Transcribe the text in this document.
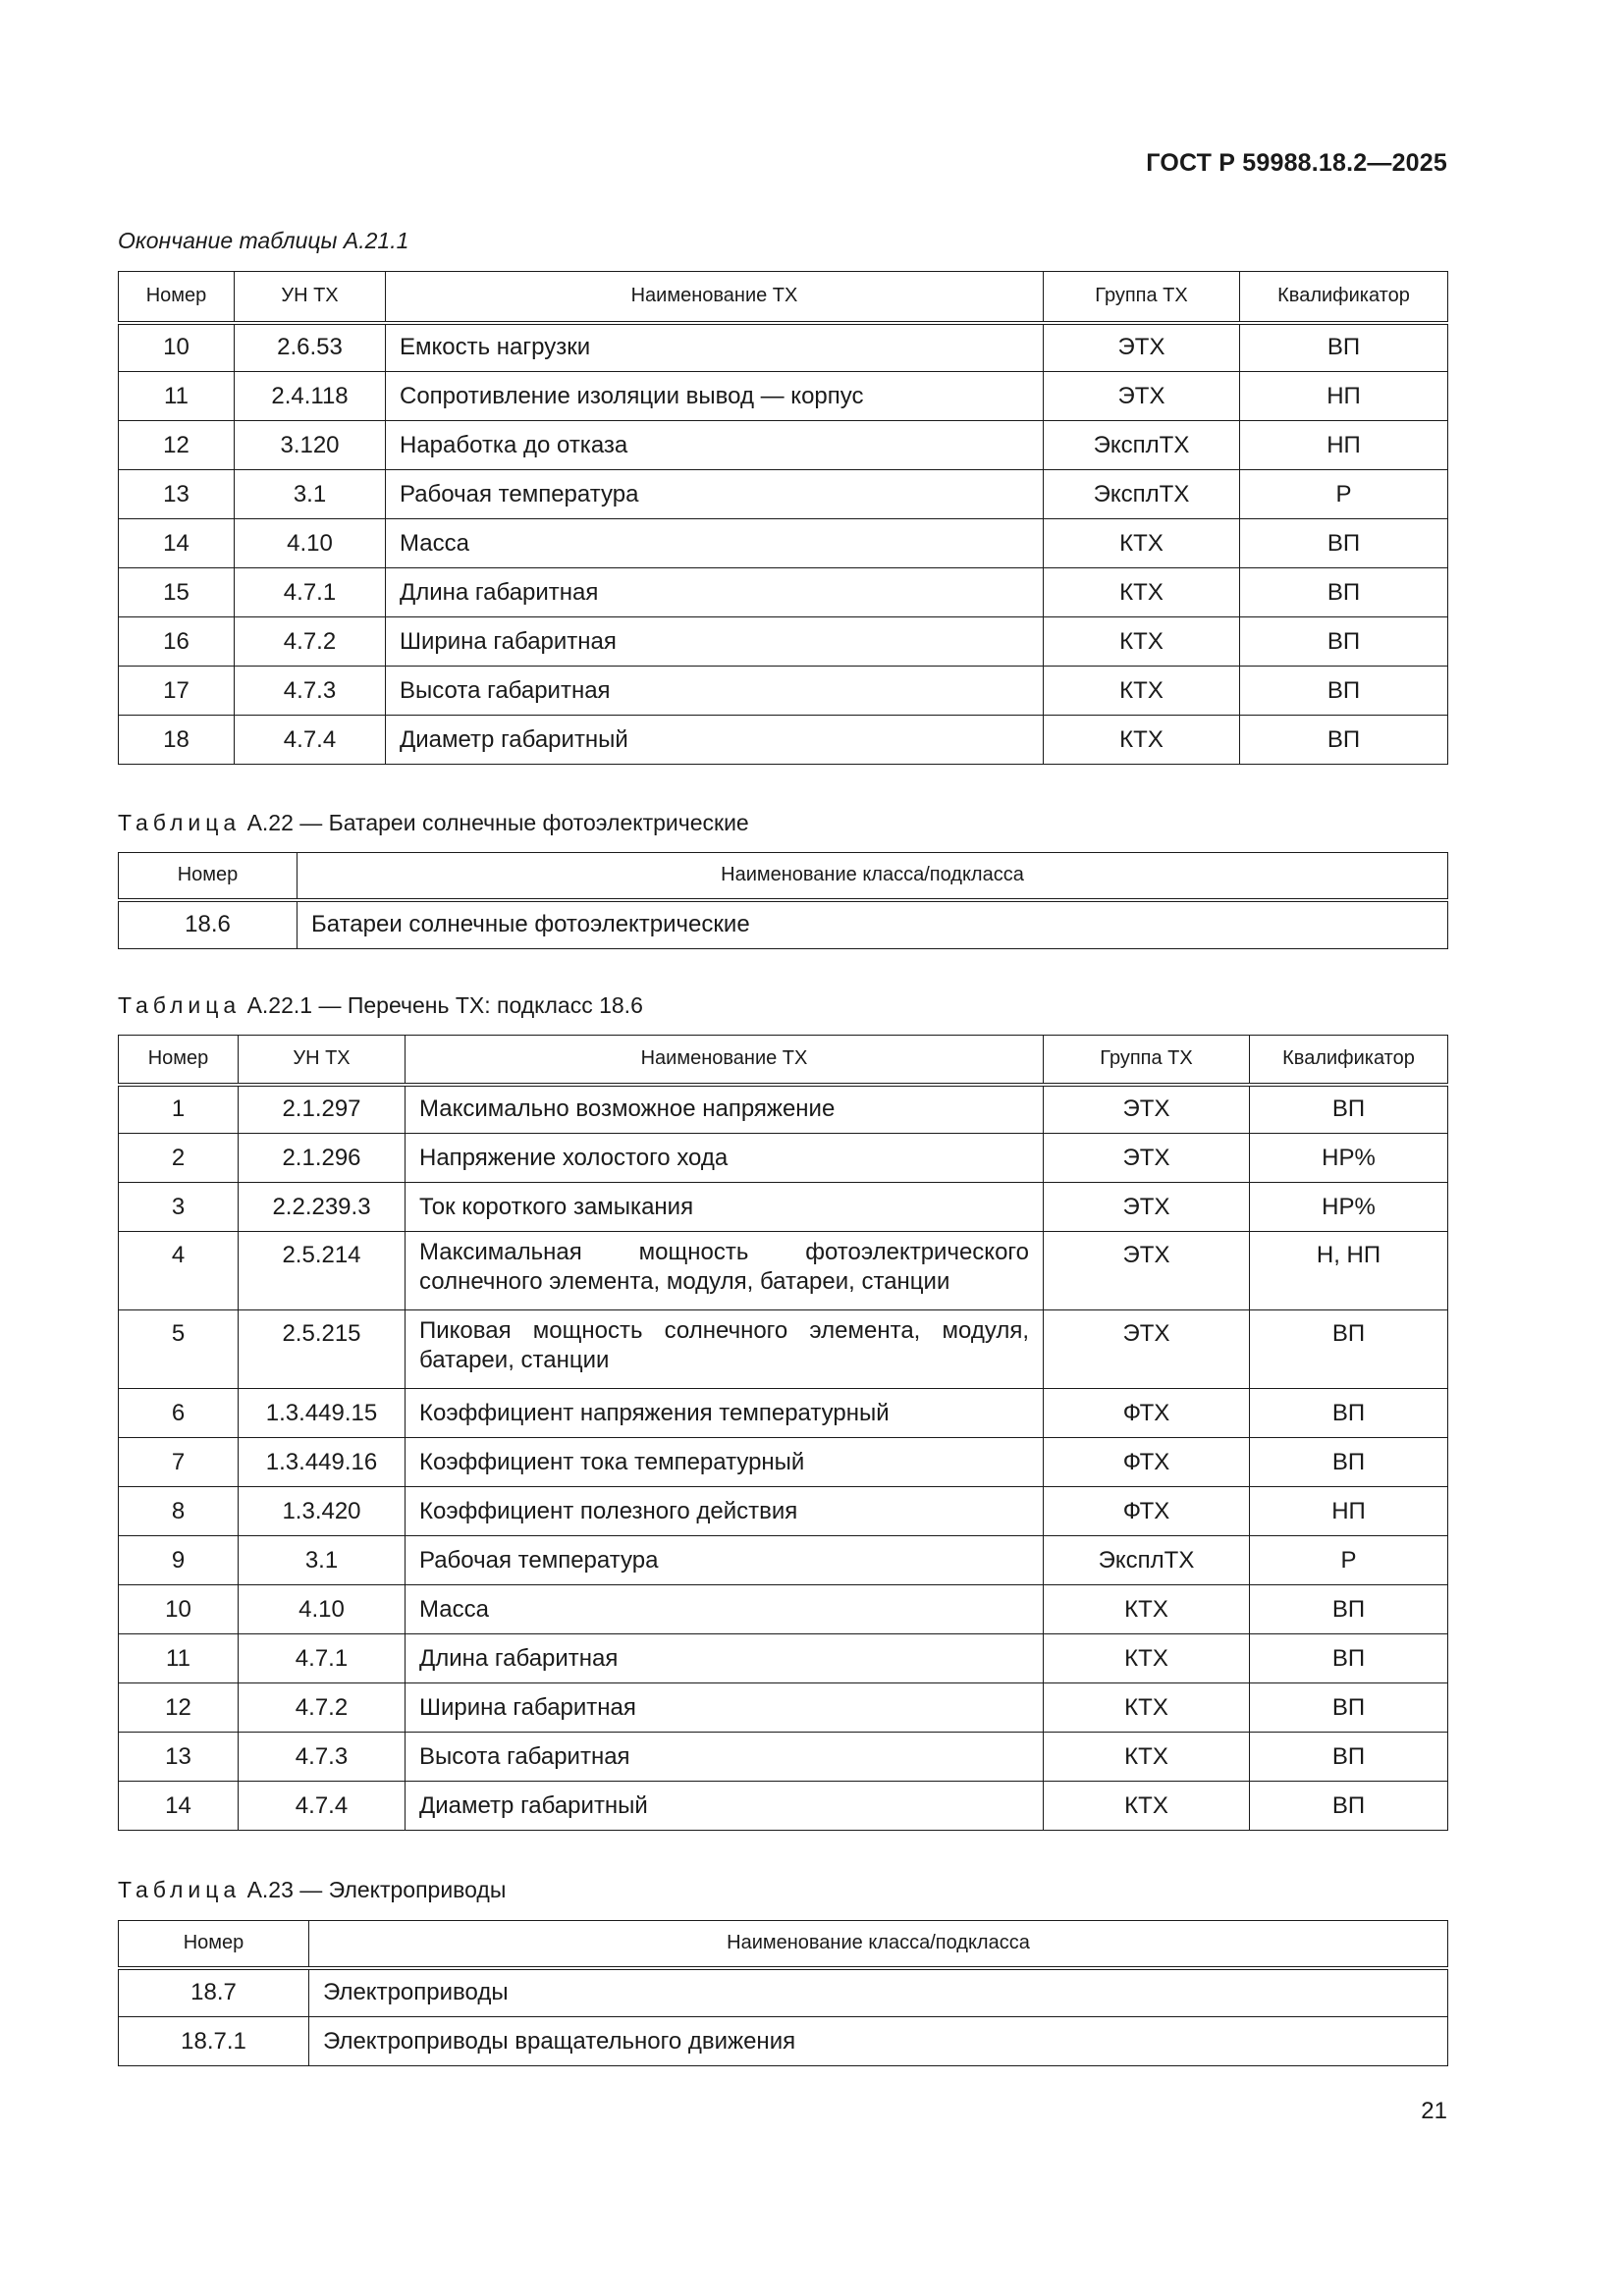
ГОСТ Р 59988.18.2—2025
Окончание таблицы А.21.1
Номер	УН ТХ	Наименование ТХ	Группа ТХ	Квалификатор
10	2.6.53	Емкость нагрузки	ЭТХ	ВП
11	2.4.118	Сопротивление изоляции вывод — корпус	ЭТХ	НП
12	3.120	Наработка до отказа	ЭксплТХ	НП
13	3.1	Рабочая температура	ЭксплТХ	Р
14	4.10	Масса	КТХ	ВП
15	4.7.1	Длина габаритная	КТХ	ВП
16	4.7.2	Ширина габаритная	КТХ	ВП
17	4.7.3	Высота габаритная	КТХ	ВП
18	4.7.4	Диаметр габаритный	КТХ	ВП
Таблица А.22 — Батареи солнечные фотоэлектрические
Номер	Наименование класса/подкласса
18.6	Батареи солнечные фотоэлектрические
Таблица А.22.1 — Перечень ТХ: подкласс 18.6
Номер	УН ТХ	Наименование ТХ	Группа ТХ	Квалификатор
1	2.1.297	Максимально возможное напряжение	ЭТХ	ВП
2	2.1.296	Напряжение холостого хода	ЭТХ	НР%
3	2.2.239.3	Ток короткого замыкания	ЭТХ	НР%
4	2.5.214	Максимальная мощность фотоэлектрического солнечного элемента, модуля, батареи, станции	ЭТХ	Н, НП
5	2.5.215	Пиковая мощность солнечного элемента, модуля, батареи, станции	ЭТХ	ВП
6	1.3.449.15	Коэффициент напряжения температурный	ФТХ	ВП
7	1.3.449.16	Коэффициент тока температурный	ФТХ	ВП
8	1.3.420	Коэффициент полезного действия	ФТХ	НП
9	3.1	Рабочая температура	ЭксплТХ	Р
10	4.10	Масса	КТХ	ВП
11	4.7.1	Длина габаритная	КТХ	ВП
12	4.7.2	Ширина габаритная	КТХ	ВП
13	4.7.3	Высота габаритная	КТХ	ВП
14	4.7.4	Диаметр габаритный	КТХ	ВП
Таблица А.23 — Электроприводы
Номер	Наименование класса/подкласса
18.7	Электроприводы
18.7.1	Электроприводы вращательного движения
21
